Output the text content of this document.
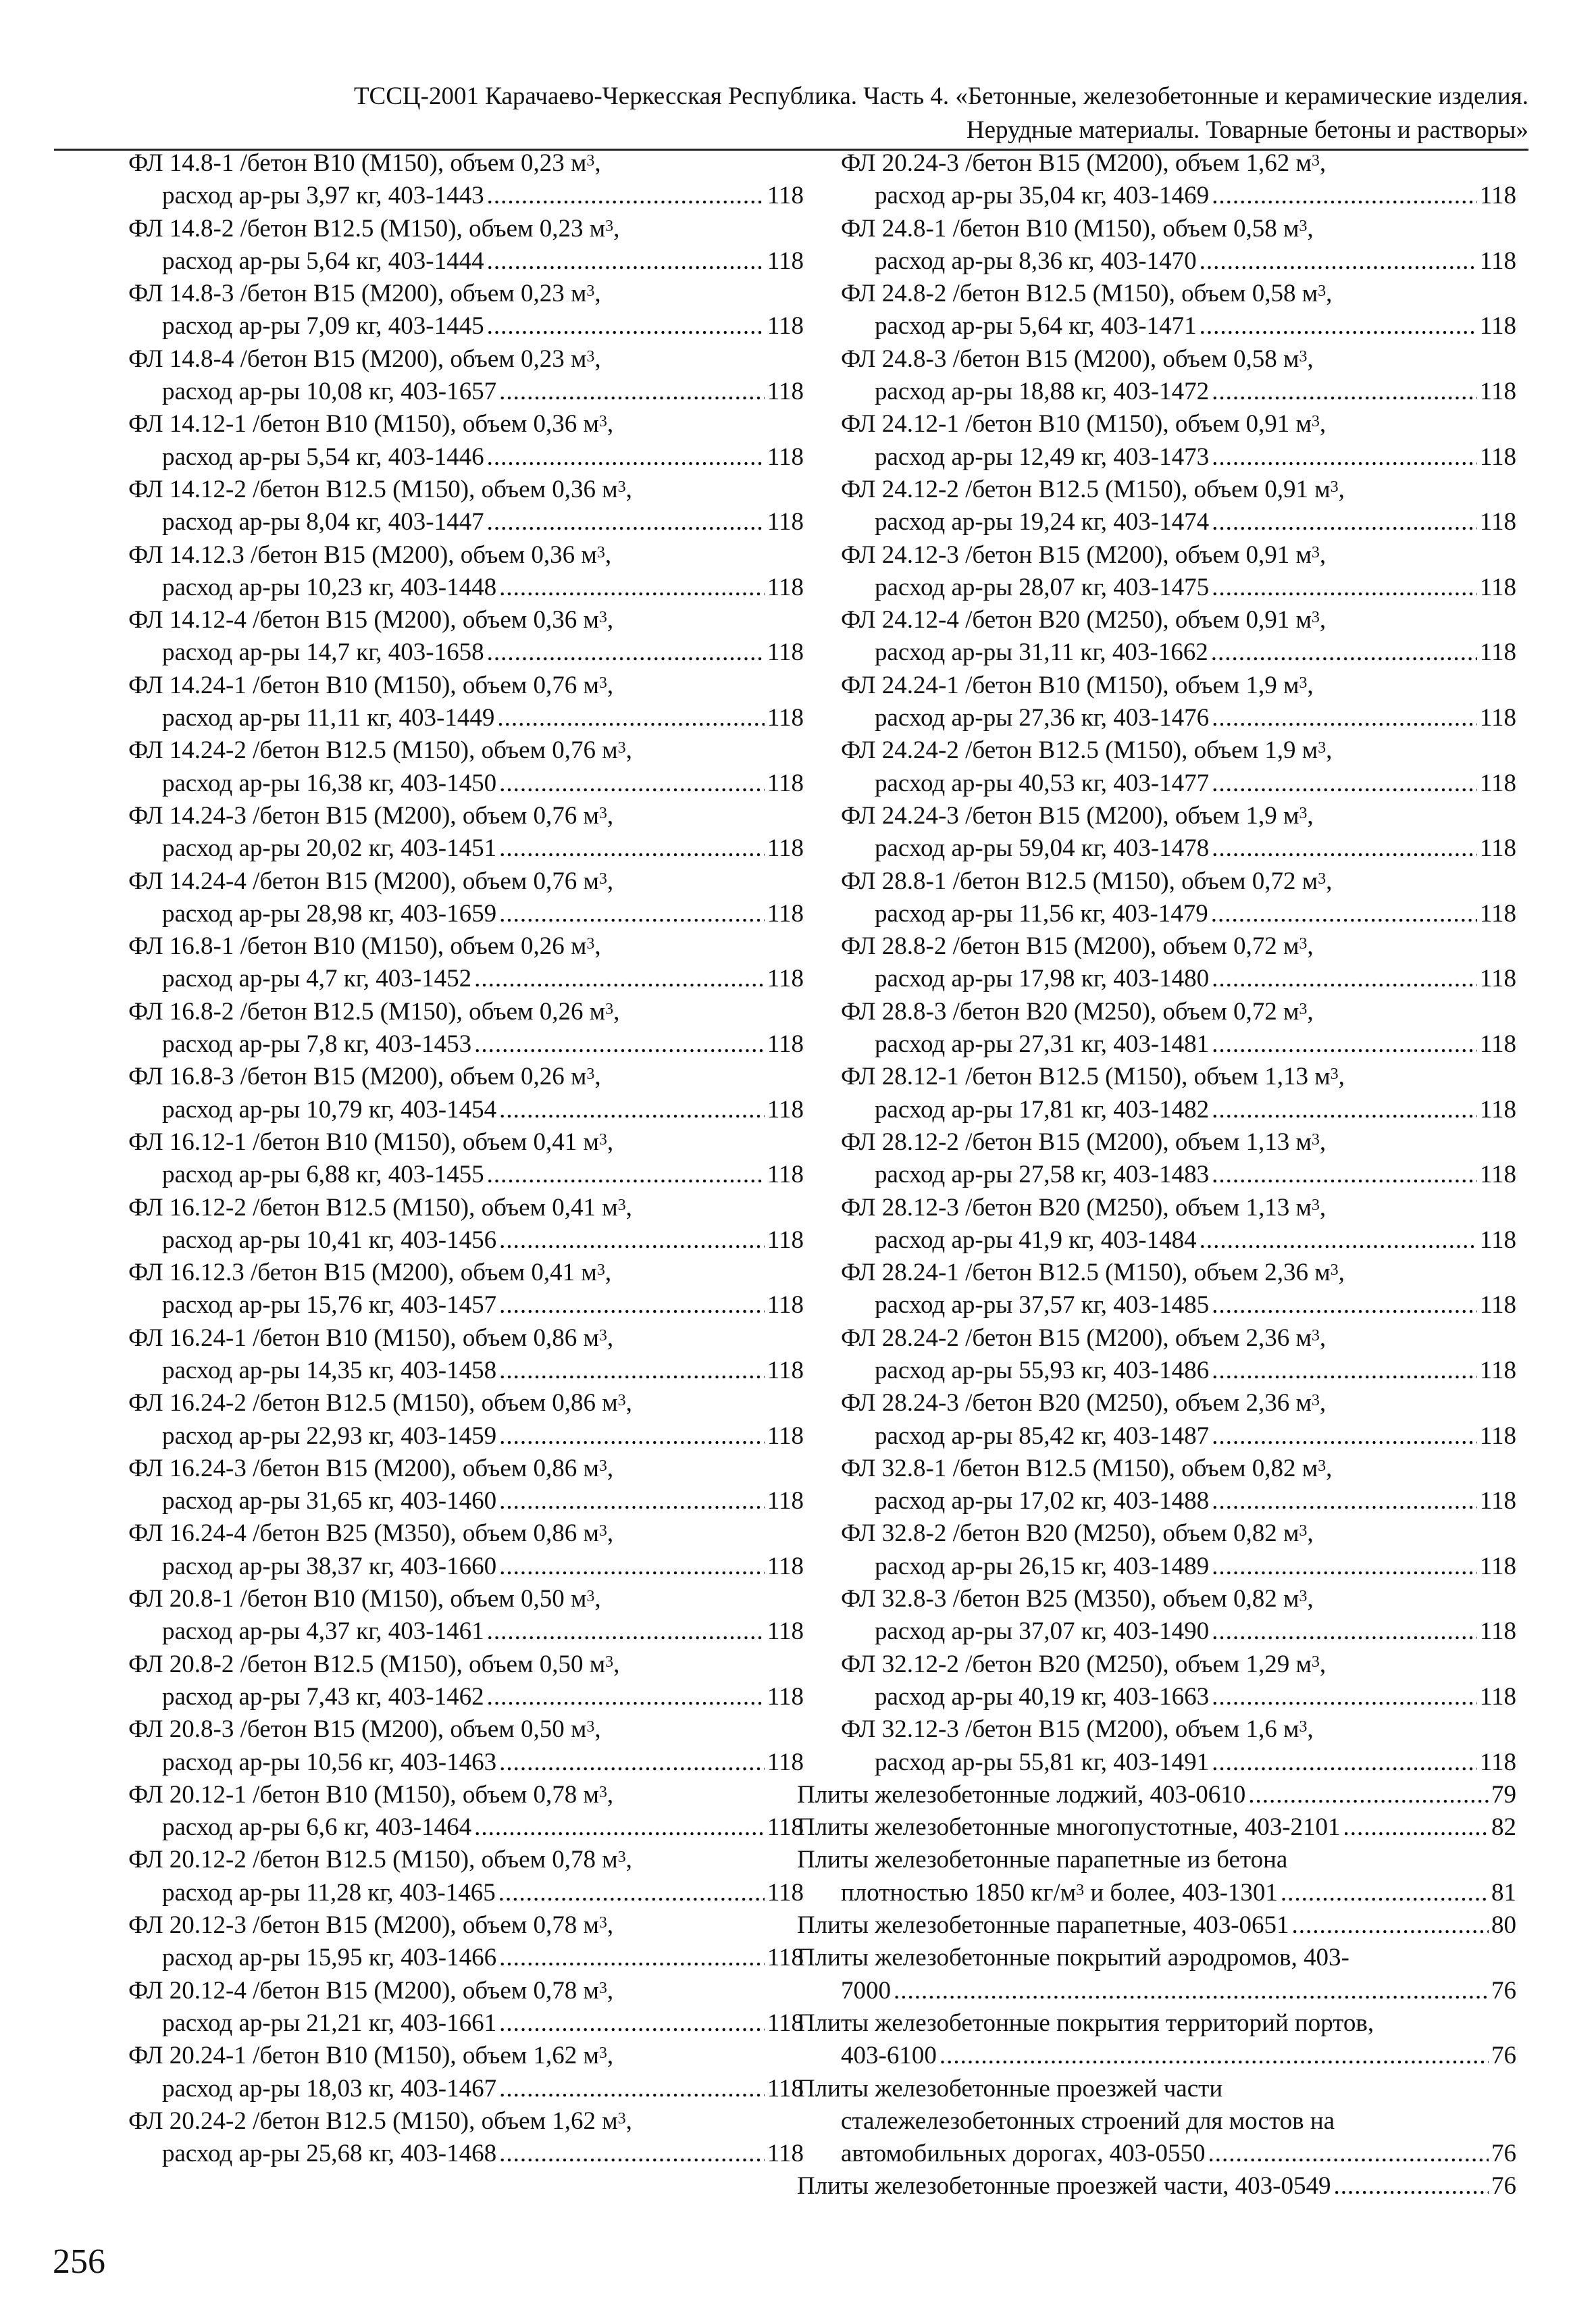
ТССЦ-2001 Карачаево-Черкесская Республика. Часть 4. «Бетонные, железобетонные и керамические изделия.
Нерудные материалы. Товарные бетоны и растворы»
ФЛ 14.8-1 /бетон В10 (М150), объем 0,23 $м^3$,
расход ар-ры 3,97 кг, 403-1443 .....	118
ФЛ 14.8-2 /бетон В12.5 (М150), объем 0,23 $м^3$,
расход ар-ры 5,64 кг, 403-1444 .....	118
ФЛ 14.8-3 /бетон В15 (М200), объем 0,23 $м^3$,
расход ар-ры 7,09 кг, 403-1445 .....	118
ФЛ 14.8-4 /бетон В15 (М200), объем 0,23 $м^3$,
расход ар-ры 10,08 кг, 403-1657 .....	118
ФЛ 14.12-1 /бетон В10 (М150), объем 0,36 $м^3$,
расход ар-ры 5,54 кг, 403-1446 .....	118
ФЛ 14.12-2 /бетон В12.5 (М150), объем 0,36 $м^3$,
расход ар-ры 8,04 кг, 403-1447 .....	118
ФЛ 14.12.3 /бетон В15 (М200), объем 0,36 $м^3$,
расход ар-ры 10,23 кг, 403-1448 .....	118
ФЛ 14.12-4 /бетон В15 (М200), объем 0,36 $м^3$,
расход ар-ры 14,7 кг, 403-1658 .....	118
ФЛ 14.24-1 /бетон В10 (М150), объем 0,76 $м^3$,
расход ар-ры 11,11 кг, 403-1449 .....	118
ФЛ 14.24-2 /бетон В12.5 (М150), объем 0,76 $м^3$,
расход ар-ры 16,38 кг, 403-1450 .....	118
ФЛ 14.24-3 /бетон В15 (М200), объем 0,76 $м^3$,
расход ар-ры 20,02 кг, 403-1451 .....	118
ФЛ 14.24-4 /бетон В15 (М200), объем 0,76 $м^3$,
расход ар-ры 28,98 кг, 403-1659 .....	118
ФЛ 16.8-1 /бетон В10 (М150), объем 0,26 $м^3$,
расход ар-ры 4,7 кг, 403-1452 .....	118
ФЛ 16.8-2 /бетон В12.5 (М150), объем 0,26 $м^3$,
расход ар-ры 7,8 кг, 403-1453 .....	118
ФЛ 16.8-3 /бетон В15 (М200), объем 0,26 $м^3$,
расход ар-ры 10,79 кг, 403-1454 .....	118
ФЛ 16.12-1 /бетон В10 (М150), объем 0,41 $м^3$,
расход ар-ры 6,88 кг, 403-1455 .....	118
ФЛ 16.12-2 /бетон В12.5 (М150), объем 0,41 $м^3$,
расход ар-ры 10,41 кг, 403-1456 .....	118
ФЛ 16.12.3 /бетон В15 (М200), объем 0,41 $м^3$,
расход ар-ры 15,76 кг, 403-1457 .....	118
ФЛ 16.24-1 /бетон В10 (М150), объем 0,86 $м^3$,
расход ар-ры 14,35 кг, 403-1458 .....	118
ФЛ 16.24-2 /бетон В12.5 (М150), объем 0,86 $м^3$,
расход ар-ры 22,93 кг, 403-1459 .....	118
ФЛ 16.24-3 /бетон В15 (М200), объем 0,86 $м^3$,
расход ар-ры 31,65 кг, 403-1460 .....	118
ФЛ 16.24-4 /бетон В25 (М350), объем 0,86 $м^3$,
расход ар-ры 38,37 кг, 403-1660 .....	118
ФЛ 20.8-1 /бетон В10 (М150), объем 0,50 $м^3$,
расход ар-ры 4,37 кг, 403-1461 .....	118
ФЛ 20.8-2 /бетон В12.5 (М150), объем 0,50 $м^3$,
расход ар-ры 7,43 кг, 403-1462 .....	118
ФЛ 20.8-3 /бетон В15 (М200), объем 0,50 $м^3$,
расход ар-ры 10,56 кг, 403-1463 .....	118
ФЛ 20.12-1 /бетон В10 (М150), объем 0,78 $м^3$,
расход ар-ры 6,6 кг, 403-1464 .....	118
ФЛ 20.12-2 /бетон В12.5 (М150), объем 0,78 $м^3$,
расход ар-ры 11,28 кг, 403-1465 .....	118
ФЛ 20.12-3 /бетон В15 (М200), объем 0,78 $м^3$,
расход ар-ры 15,95 кг, 403-1466 .....	118
ФЛ 20.12-4 /бетон В15 (М200), объем 0,78 $м^3$,
расход ар-ры 21,21 кг, 403-1661 .....	118
ФЛ 20.24-1 /бетон В10 (М150), объем 1,62 $м^3$,
расход ар-ры 18,03 кг, 403-1467 .....	118
ФЛ 20.24-2 /бетон В12.5 (М150), объем 1,62 $м^3$,
расход ар-ры 25,68 кг, 403-1468 .....	118
ФЛ 20.24-3 /бетон В15 (М200), объем 1,62 $м^3$,
расход ар-ры 35,04 кг, 403-1469 .....	118
ФЛ 24.8-1 /бетон В10 (М150), объем 0,58 $м^3$,
расход ар-ры 8,36 кг, 403-1470 .....	118
ФЛ 24.8-2 /бетон В12.5 (М150), объем 0,58 $м^3$,
расход ар-ры 5,64 кг, 403-1471 .....	118
ФЛ 24.8-3 /бетон В15 (М200), объем 0,58 $м^3$,
расход ар-ры 18,88 кг, 403-1472 .....	118
ФЛ 24.12-1 /бетон В10 (М150), объем 0,91 $м^3$,
расход ар-ры 12,49 кг, 403-1473 .....	118
ФЛ 24.12-2 /бетон В12.5 (М150), объем 0,91 $м^3$,
расход ар-ры 19,24 кг, 403-1474 .....	118
ФЛ 24.12-3 /бетон В15 (М200), объем 0,91 $м^3$,
расход ар-ры 28,07 кг, 403-1475 .....	118
ФЛ 24.12-4 /бетон В20 (М250), объем 0,91 $м^3$,
расход ар-ры 31,11 кг, 403-1662 .....	118
ФЛ 24.24-1 /бетон В10 (М150), объем 1,9 $м^3$,
расход ар-ры 27,36 кг, 403-1476 .....	118
ФЛ 24.24-2 /бетон В12.5 (М150), объем 1,9 $м^3$,
расход ар-ры 40,53 кг, 403-1477 .....	118
ФЛ 24.24-3 /бетон В15 (М200), объем 1,9 $м^3$,
расход ар-ры 59,04 кг, 403-1478 .....	118
ФЛ 28.8-1 /бетон В12.5 (М150), объем 0,72 $м^3$,
расход ар-ры 11,56 кг, 403-1479 .....	118
ФЛ 28.8-2 /бетон В15 (М200), объем 0,72 $м^3$,
расход ар-ры 17,98 кг, 403-1480 .....	118
ФЛ 28.8-3 /бетон В20 (М250), объем 0,72 $м^3$,
расход ар-ры 27,31 кг, 403-1481 .....	118
ФЛ 28.12-1 /бетон В12.5 (М150), объем 1,13 $м^3$,
расход ар-ры 17,81 кг, 403-1482 .....	118
ФЛ 28.12-2 /бетон В15 (М200), объем 1,13 $м^3$,
расход ар-ры 27,58 кг, 403-1483 .....	118
ФЛ 28.12-3 /бетон В20 (М250), объем 1,13 $м^3$,
расход ар-ры 41,9 кг, 403-1484 .....	118
ФЛ 28.24-1 /бетон В12.5 (М150), объем 2,36 $м^3$,
расход ар-ры 37,57 кг, 403-1485 .....	118
ФЛ 28.24-2 /бетон В15 (М200), объем 2,36 $м^3$,
расход ар-ры 55,93 кг, 403-1486 .....	118
ФЛ 28.24-3 /бетон В20 (М250), объем 2,36 $м^3$,
расход ар-ры 85,42 кг, 403-1487 .....	118
ФЛ 32.8-1 /бетон В12.5 (М150), объем 0,82 $м^3$,
расход ар-ры 17,02 кг, 403-1488 .....	118
ФЛ 32.8-2 /бетон В20 (М250), объем 0,82 $м^3$,
расход ар-ры 26,15 кг, 403-1489 .....	118
ФЛ 32.8-3 /бетон В25 (М350), объем 0,82 $м^3$,
расход ар-ры 37,07 кг, 403-1490 .....	118
ФЛ 32.12-2 /бетон В20 (М250), объем 1,29 $м^3$,
расход ар-ры 40,19 кг, 403-1663 .....	118
ФЛ 32.12-3 /бетон В15 (М200), объем 1,6 $м^3$,
расход ар-ры 55,81 кг, 403-1491 .....	118
Плиты железобетонные лоджий, 403-0610 .....	79
Плиты железобетонные многопустотные, 403-2101 .....	82
Плиты железобетонные парапетные из бетона
плотностью 1850 $кг/м^3$ и более, 403-1301 .....	81
Плиты железобетонные парапетные, 403-0651 .....	80
Плиты железобетонные покрытий аэродромов, 403-
7000 .....	76
Плиты железобетонные покрытия территорий портов,
403-6100 .....	76
Плиты железобетонные проезжей части
сталежелезобетонных строений для мостов на
автомобильных дорогах, 403-0550 .....	76
Плиты железобетонные проезжей части, 403-0549 .....	76
256
